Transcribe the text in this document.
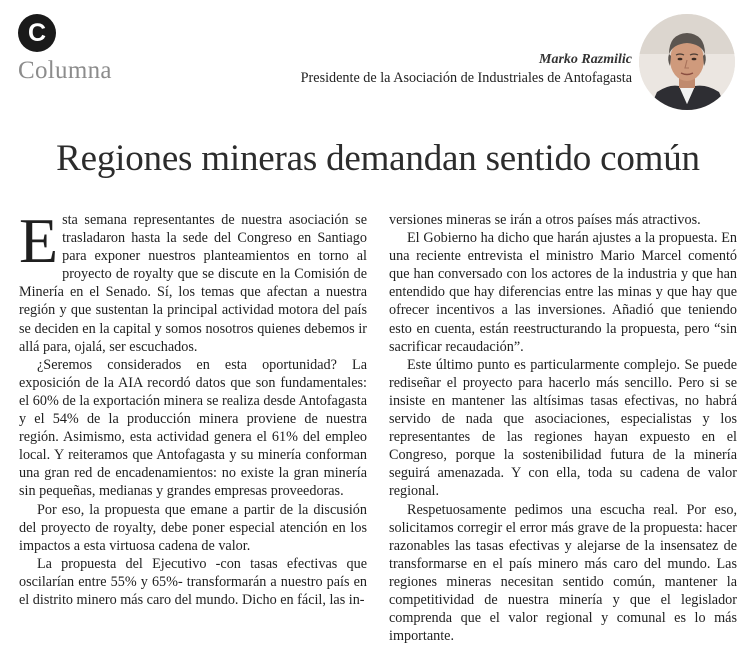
C
Columna	Marko Razmilic
Presidente de la Asociación de Industriales de Antofagasta
Regiones mineras demandan sentido común

Esta semana representantes de nuestra asociación se trasladaron hasta la sede del Congreso en Santiago para exponer nuestros planteamientos en torno al proyecto de royalty que se discute en la Comisión de Minería en el Senado. Sí, los temas que afectan a nuestra región y que sustentan la principal actividad motora del país se deciden en la capital y somos nosotros quienes debemos ir allá para, ojalá, ser escuchados.

¿Seremos considerados en esta oportunidad? La exposición de la AIA recordó datos que son fundamentales: el 60% de la exportación minera se realiza desde Antofagasta y el 54% de la producción minera proviene de nuestra región. Asimismo, esta actividad genera el 61% del empleo local. Y reiteramos que Antofagasta y su minería conforman una gran red de encadenamientos: no existe la gran minería sin pequeñas, medianas y grandes empresas proveedoras.

Por eso, la propuesta que emane a partir de la discusión del proyecto de royalty, debe poner especial atención en los impactos a esta virtuosa cadena de valor.

La propuesta del Ejecutivo -con tasas efectivas que oscilarían entre 55% y 65%- transformarán a nuestro país en el distrito minero más caro del mundo. Dicho en fácil, las in-

versiones mineras se irán a otros países más atractivos.

El Gobierno ha dicho que harán ajustes a la propuesta. En una reciente entrevista el ministro Mario Marcel comentó que han conversado con los actores de la industria y que han entendido que hay diferencias entre las minas y que hay que ofrecer incentivos a las inversiones. Añadió que teniendo esto en cuenta, están reestructurando la propuesta, pero “sin sacrificar recaudación”.

Este último punto es particularmente complejo. Se puede rediseñar el proyecto para hacerlo más sencillo. Pero si se insiste en mantener las altísimas tasas efectivas, no habrá servido de nada que asociaciones, especialistas y los representantes de las regiones hayan expuesto en el Congreso, porque la sostenibilidad futura de la minería seguirá amenazada. Y con ella, toda su cadena de valor regional.

Respetuosamente pedimos una escucha real. Por eso, solicitamos corregir el error más grave de la propuesta: hacer razonables las tasas efectivas y alejarse de la insensatez de transformarse en el país minero más caro del mundo. Las regiones mineras necesitan sentido común, mantener la competitividad de nuestra minería y que el legislador comprenda que el valor regional y comunal es lo más importante.
